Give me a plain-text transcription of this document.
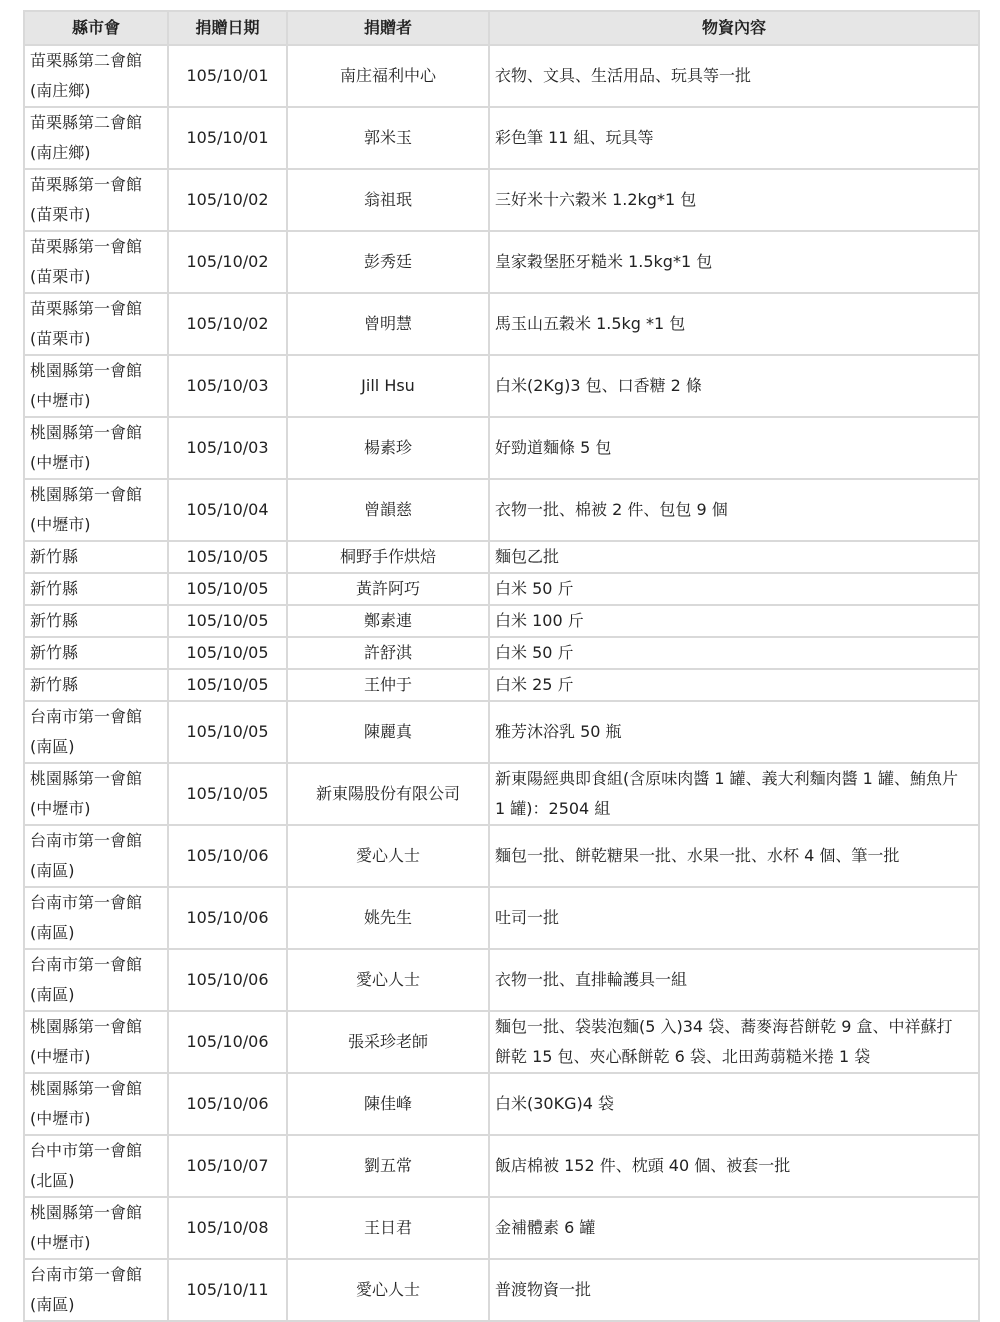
縣市會	捐贈日期	捐贈者	物資內容

苗栗縣第二會館
(南庄鄉)	105/10/01	南庄福利中心	衣物、文具、生活用品、玩具等一批

苗栗縣第二會館
(南庄鄉)	105/10/01	郭米玉	彩色筆 11 組、玩具等

苗栗縣第一會館
(苗栗市)	105/10/02	翁祖珉	三好米十六穀米 1.2kg*1 包

苗栗縣第一會館
(苗栗市)	105/10/02	彭秀廷	皇家穀堡胚牙糙米 1.5kg*1 包

苗栗縣第一會館
(苗栗市)	105/10/02	曾明慧	馬玉山五穀米 1.5kg *1 包

桃園縣第一會館
(中壢市)	105/10/03	Jill Hsu	白米(2Kg)3 包、口香糖 2 條

桃園縣第一會館
(中壢市)	105/10/03	楊素珍	好勁道麵條 5 包

桃園縣第一會館
(中壢市)	105/10/04	曾韻慈	衣物一批、棉被 2 件、包包 9 個

新竹縣	105/10/05	桐野手作烘焙	麵包乙批

新竹縣	105/10/05	黃許阿巧	白米 50 斤

新竹縣	105/10/05	鄭素連	白米 100 斤

新竹縣	105/10/05	許舒淇	白米 50 斤

新竹縣	105/10/05	王仲于	白米 25 斤

台南市第一會館
(南區)	105/10/05	陳麗真	雅芳沐浴乳 50 瓶

桃園縣第一會館
(中壢市)	105/10/05	新東陽股份有限公司	新東陽經典即食組(含原味肉醬 1 罐、義大利麵肉醬 1 罐、鮪魚片
1 罐)：2504 組

台南市第一會館
(南區)	105/10/06	愛心人士	麵包一批、餅乾糖果一批、水果一批、水杯 4 個、筆一批

台南市第一會館
(南區)	105/10/06	姚先生	吐司一批

台南市第一會館
(南區)	105/10/06	愛心人士	衣物一批、直排輪護具一組

桃園縣第一會館
(中壢市)	105/10/06	張采珍老師	麵包一批、袋裝泡麵(5 入)34 袋、蕎麥海苔餅乾 9 盒、中祥蘇打
餅乾 15 包、夾心酥餅乾 6 袋、北田蒟蒻糙米捲 1 袋

桃園縣第一會館
(中壢市)	105/10/06	陳佳峰	白米(30KG)4 袋

台中市第一會館
(北區)	105/10/07	劉五常	飯店棉被 152 件、枕頭 40 個、被套一批

桃園縣第一會館
(中壢市)	105/10/08	王日君	金補體素 6 罐

台南市第一會館
(南區)	105/10/11	愛心人士	普渡物資一批
